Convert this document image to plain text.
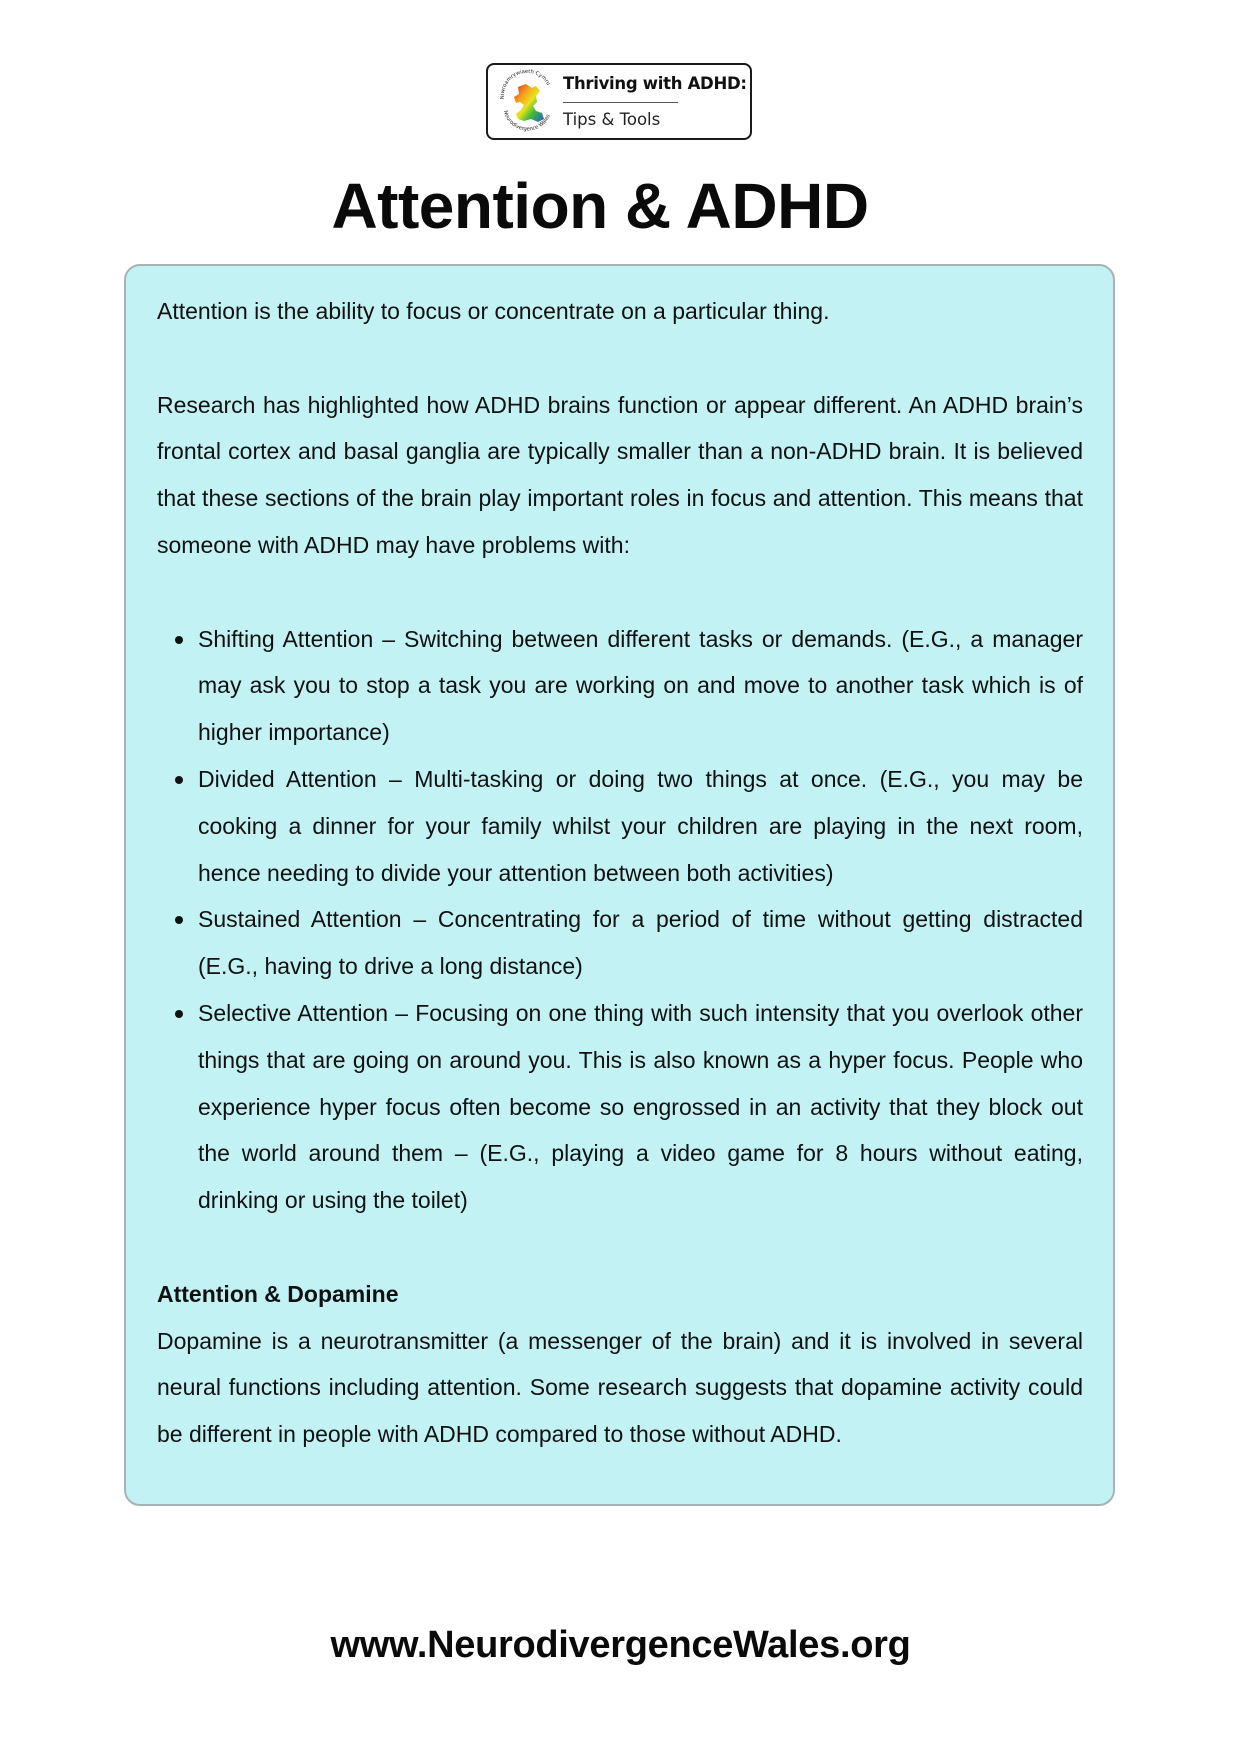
Niwroamrywiaeth Cymru
Neurodivergence Wales
Thriving with ADHD:
Tips & Tools
Attention & ADHD

Attention is the ability to focus or concentrate on a particular thing.

Research has highlighted how ADHD brains function or appear different. An ADHD brain’s frontal cortex and basal ganglia are typically smaller than a non-ADHD brain. It is believed that these sections of the brain play important roles in focus and attention. This means that someone with ADHD may have problems with:

Shifting Attention – Switching between different tasks or demands. (E.G., a manager may ask you to stop a task you are working on and move to another task which is of higher importance)
Divided Attention – Multi-tasking or doing two things at once. (E.G., you may be cooking a dinner for your family whilst your children are playing in the next room, hence needing to divide your attention between both activities)
Sustained Attention – Concentrating for a period of time without getting distracted (E.G., having to drive a long distance)
Selective Attention – Focusing on one thing with such intensity that you overlook other things that are going on around you. This is also known as a hyper focus. People who experience hyper focus often become so engrossed in an activity that they block out the world around them – (E.G., playing a video game for 8 hours without eating, drinking or using the toilet)
Attention & Dopamine

Dopamine is a neurotransmitter (a messenger of the brain) and it is involved in several neural functions including attention. Some research suggests that dopamine activity could be different in people with ADHD compared to those without ADHD.

www.NeurodivergenceWales.org
